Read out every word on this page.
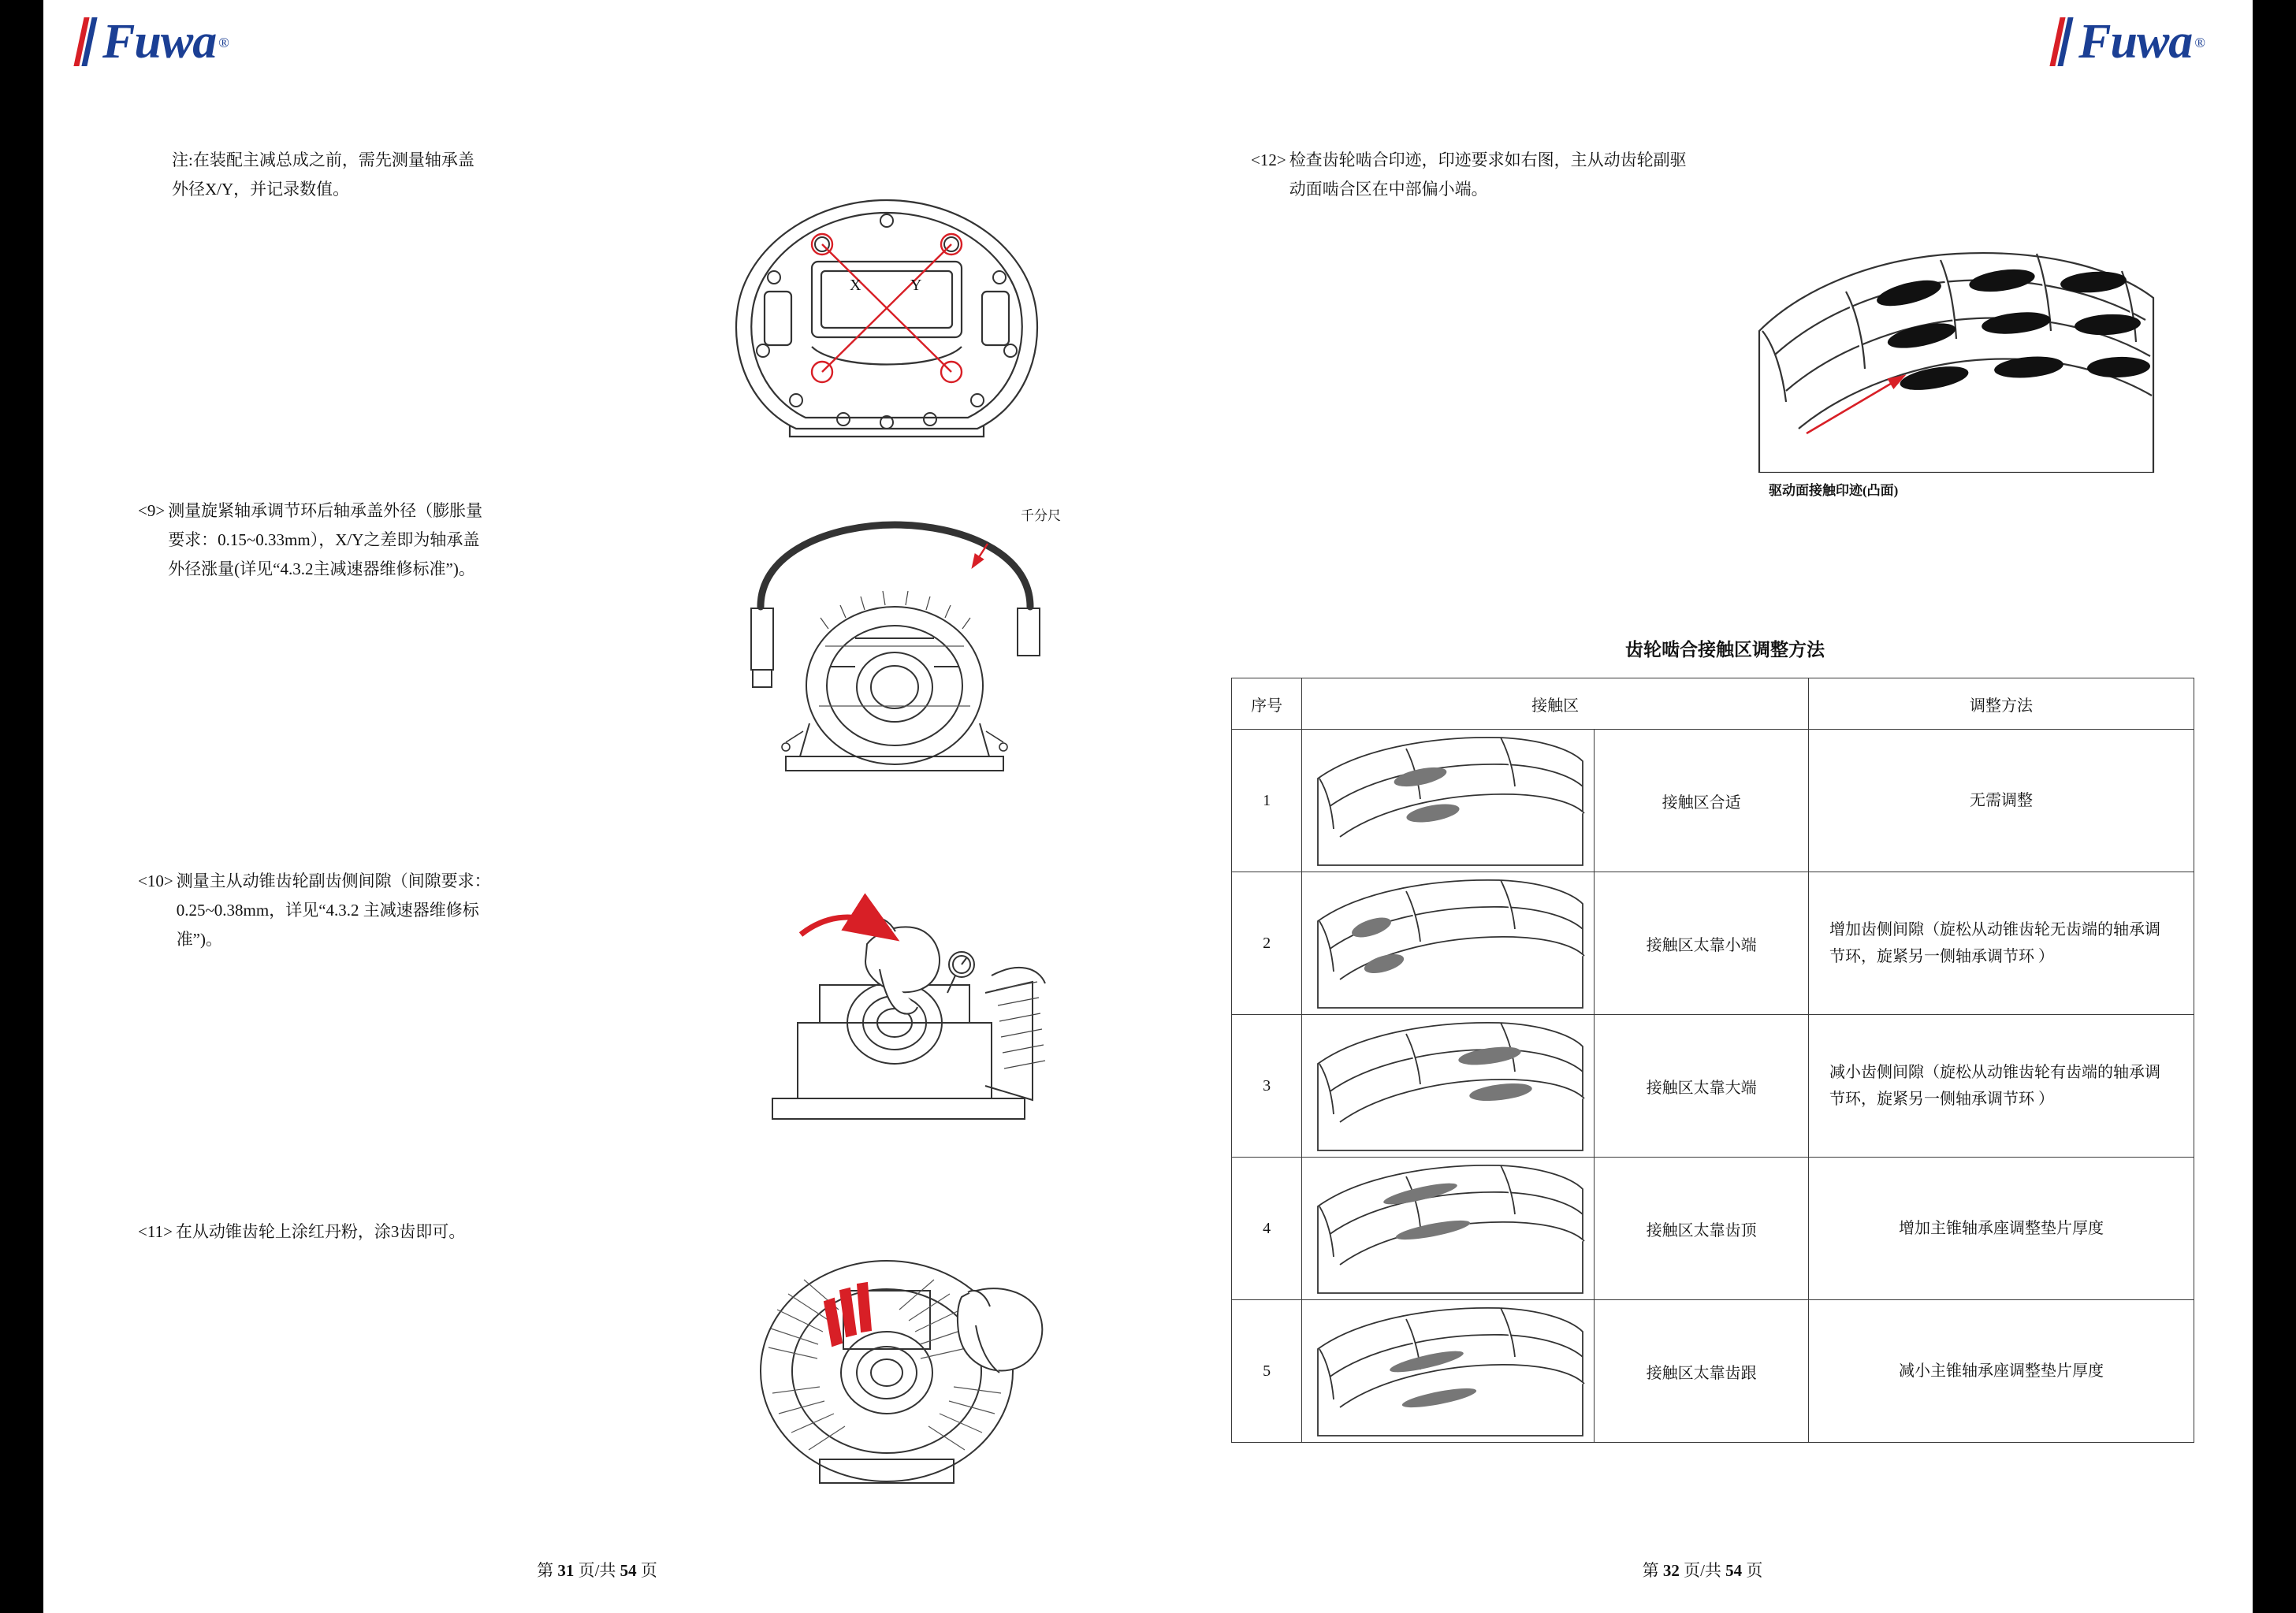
Fuwa ®
注:在装配主减总成之前，需先测量轴承盖外径X/Y，并记录数值。
X	Y
<9> 测量旋紧轴承调节环后轴承盖外径（膨胀量要求：0.15~0.33mm），X/Y之差即为轴承盖外径涨量(详见“4.3.2主减速器维修标准”)。
千分尺
<10> 测量主从动锥齿轮副齿侧间隙（间隙要求：0.25~0.38mm，详见“4.3.2 主减速器维修标准”)。
<11> 在从动锥齿轮上涂红丹粉，涂3齿即可。
第 31 页/共 54 页
Fuwa ®
<12> 检查齿轮啮合印迹，印迹要求如右图，主从动齿轮副驱动面啮合区在中部偏小端。
驱动面接触印迹(凸面)
齿轮啮合接触区调整方法
序号	接触区		调整方法
1		接触区合适	无需调整
2		接触区太靠小端	增加齿侧间隙（旋松从动锥齿轮无齿端的轴承调节环，旋紧另一侧轴承调节环 ）
3		接触区太靠大端	减小齿侧间隙（旋松从动锥齿轮有齿端的轴承调节环，旋紧另一侧轴承调节环 ）
4		接触区太靠齿顶	增加主锥轴承座调整垫片厚度
5		接触区太靠齿跟	减小主锥轴承座调整垫片厚度
第 32 页/共 54 页
